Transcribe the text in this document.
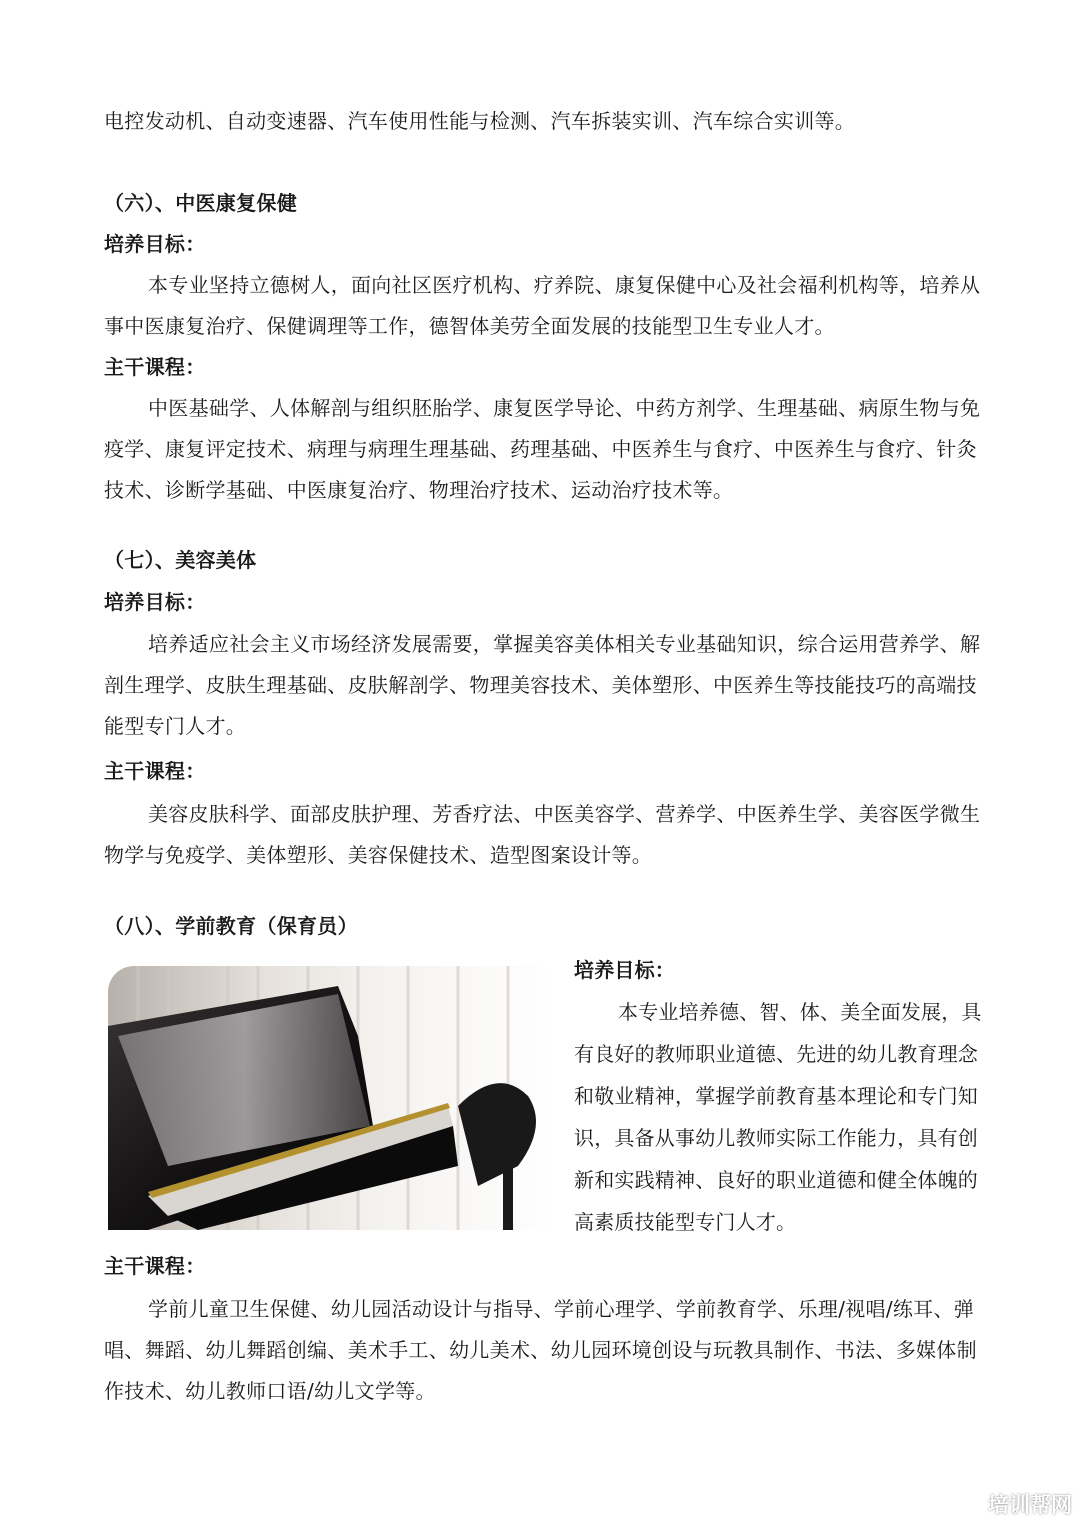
电控发动机、自动变速器、汽车使用性能与检测、汽车拆装实训、汽车综合实训等。

（六）、中医康复保健

培养目标：

本专业坚持立德树人，面向社区医疗机构、疗养院、康复保健中心及社会福利机构等，培养从事中医康复治疗、保健调理等工作，德智体美劳全面发展的技能型卫生专业人才。

主干课程：

中医基础学、人体解剖与组织胚胎学、康复医学导论、中药方剂学、生理基础、病原生物与免疫学、康复评定技术、病理与病理生理基础、药理基础、中医养生与食疗、中医养生与食疗、针灸技术、诊断学基础、中医康复治疗、物理治疗技术、运动治疗技术等。

（七）、美容美体

培养目标：

培养适应社会主义市场经济发展需要，掌握美容美体相关专业基础知识，综合运用营养学、解剖生理学、皮肤生理基础、皮肤解剖学、物理美容技术、美体塑形、中医养生等技能技巧的高端技能型专门人才。

主干课程：

美容皮肤科学、面部皮肤护理、芳香疗法、中医美容学、营养学、中医养生学、美容医学微生物学与免疫学、美体塑形、美容保健技术、造型图案设计等。

（八）、学前教育（保育员）

培养目标：

本专业培养德、智、体、美全面发展，具有良好的教师职业道德、先进的幼儿教育理念和敬业精神，掌握学前教育基本理论和专门知识，具备从事幼儿教师实际工作能力，具有创新和实践精神、良好的职业道德和健全体魄的高素质技能型专门人才。

主干课程：

学前儿童卫生保健、幼儿园活动设计与指导、学前心理学、学前教育学、乐理/视唱/练耳、弹唱、舞蹈、幼儿舞蹈创编、美术手工、幼儿美术、幼儿园环境创设与玩教具制作、书法、多媒体制作技术、幼儿教师口语/幼儿文学等。

培训帮网
